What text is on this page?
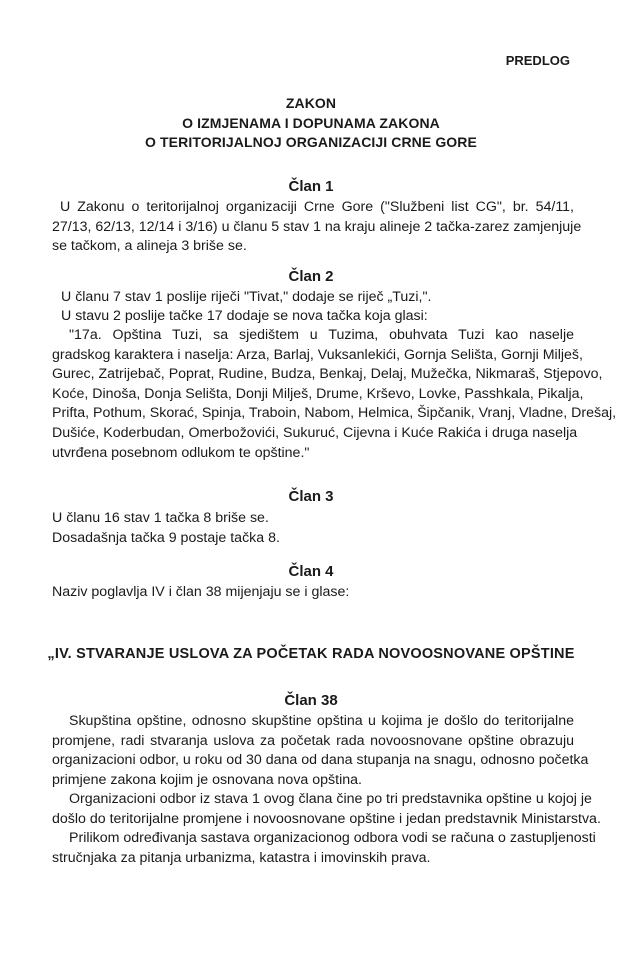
PREDLOG
ZAKON
O IZMJENAMA I DOPUNAMA ZAKONA
O TERITORIJALNOJ ORGANIZACIJI CRNE GORE
Član 1
U Zakonu o teritorijalnoj organizaciji Crne Gore ("Službeni list CG", br. 54/11,
27/13, 62/13, 12/14 i 3/16) u članu 5 stav 1 na kraju alineje 2 tačka-zarez zamjenjuje
se tačkom, a alineja 3 briše se.
Član 2
U članu 7 stav 1 poslije riječi "Tivat," dodaje se riječ „Tuzi,".
U stavu 2 poslije tačke 17 dodaje se nova tačka koja glasi:
"17a. Opština Tuzi, sa sjedištem u Tuzima, obuhvata Tuzi kao naselje
gradskog karaktera i naselja: Arza, Barlaj, Vuksanlekići, Gornja Selišta, Gornji Milješ,
Gurec, Zatrijebač, Poprat, Rudine, Budza, Benkaj, Delaj, Mužečka, Nikmaraš, Stjepovo,
Koće, Dinoša, Donja Selišta, Donji Milješ, Drume, Krševo, Lovke, Passhkala, Pikalja,
Prifta, Pothum, Skorać, Spinja, Traboin, Nabom, Helmica, Šipčanik, Vranj, Vladne, Drešaj,
Dušiće, Koderbudan, Omerbožovići, Sukuruć, Cijevna i Kuće Rakića i druga naselja
utvrđena posebnom odlukom te opštine."
Član 3
U članu 16 stav 1 tačka 8 briše se.
Dosadašnja tačka 9 postaje tačka 8.
Član 4
Naziv poglavlja IV i član 38 mijenjaju se i glase:
„IV. STVARANJE USLOVA ZA POČETAK RADA NOVOOSNOVANE OPŠTINE
Član 38
Skupština opštine, odnosno skupštine opština u kojima je došlo do teritorijalne
promjene, radi stvaranja uslova za početak rada novoosnovane opštine obrazuju
organizacioni odbor, u roku od 30 dana od dana stupanja na snagu, odnosno početka
primjene zakona kojim je osnovana nova opština.
Organizacioni odbor iz stava 1 ovog člana čine po tri predstavnika opštine u kojoj je
došlo do teritorijalne promjene i novoosnovane opštine i jedan predstavnik Ministarstva.
Prilikom određivanja sastava organizacionog odbora vodi se računa o zastupljenosti
stručnjaka za pitanja urbanizma, katastra i imovinskih prava.
